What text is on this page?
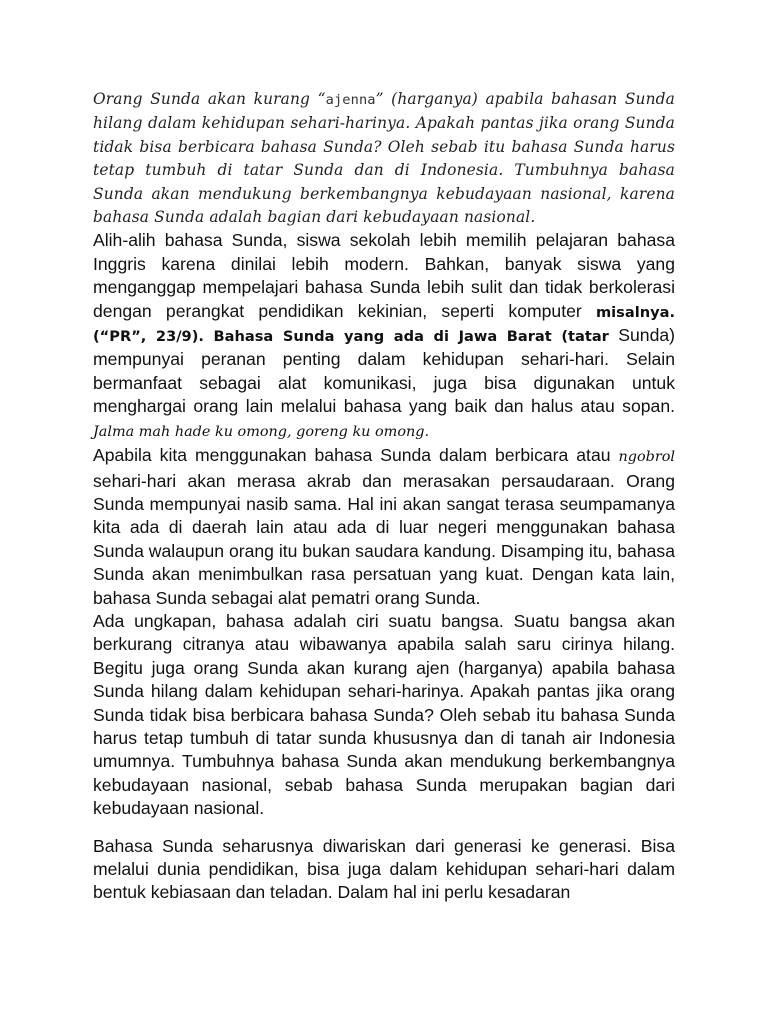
Orang Sunda akan kurang “ajenna” (harganya) apabila bahasan Sunda hilang dalam kehidupan sehari-harinya. Apakah pantas jika orang Sunda tidak bisa berbicara bahasa Sunda? Oleh sebab itu bahasa Sunda harus tetap tumbuh di tatar Sunda dan di Indonesia. Tumbuhnya bahasa Sunda akan mendukung berkembangnya kebudayaan nasional, karena bahasa Sunda adalah bagian dari kebudayaan nasional.

Alih-alih bahasa Sunda, siswa sekolah lebih memilih pelajaran bahasa Inggris karena dinilai lebih modern. Bahkan, banyak siswa yang menganggap mempelajari bahasa Sunda lebih sulit dan tidak berkolerasi dengan perangkat pendidikan kekinian, seperti komputer misalnya. (“PR”, 23/9). Bahasa Sunda yang ada di Jawa Barat (tatar Sunda) mempunyai peranan penting dalam kehidupan sehari-hari. Selain bermanfaat sebagai alat komunikasi, juga bisa digunakan untuk menghargai orang lain melalui bahasa yang baik dan halus atau sopan. Jalma mah hade ku omong, goreng ku omong.

Apabila kita menggunakan bahasa Sunda dalam berbicara atau ngobrol sehari-hari akan merasa akrab dan merasakan persaudaraan. Orang Sunda mempunyai nasib sama. Hal ini akan sangat terasa seumpamanya kita ada di daerah lain atau ada di luar negeri menggunakan bahasa Sunda walaupun orang itu bukan saudara kandung. Disamping itu, bahasa Sunda akan menimbulkan rasa persatuan yang kuat. Dengan kata lain, bahasa Sunda sebagai alat pematri orang Sunda.

Ada ungkapan, bahasa adalah ciri suatu bangsa. Suatu bangsa akan berkurang citranya atau wibawanya apabila salah saru cirinya hilang. Begitu juga orang Sunda akan kurang ajen (harganya) apabila bahasa Sunda hilang dalam kehidupan sehari-harinya. Apakah pantas jika orang Sunda tidak bisa berbicara bahasa Sunda? Oleh sebab itu bahasa Sunda harus tetap tumbuh di tatar sunda khususnya dan di tanah air Indonesia umumnya. Tumbuhnya bahasa Sunda akan mendukung berkembangnya kebudayaan nasional, sebab bahasa Sunda merupakan bagian dari kebudayaan nasional.

Bahasa Sunda seharusnya diwariskan dari generasi ke generasi. Bisa melalui dunia pendidikan, bisa juga dalam kehidupan sehari-hari dalam bentuk kebiasaan dan teladan. Dalam hal ini perlu kesadaran
